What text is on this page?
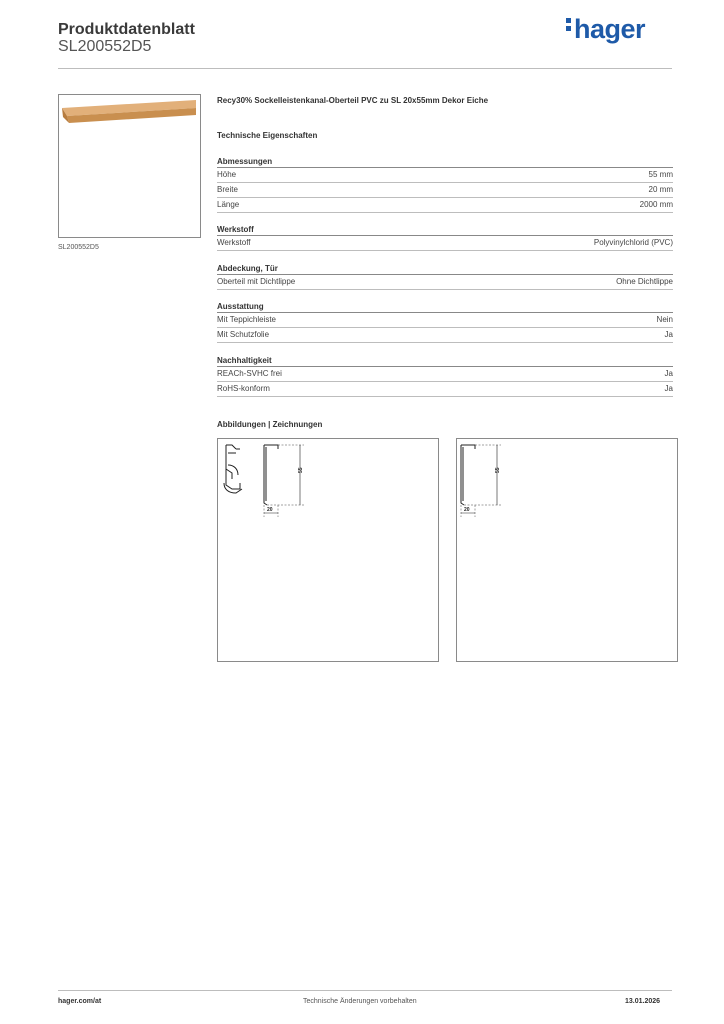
Produktdatenblatt
SL200552D5
hager
SL200552D5
Recy30% Sockelleistenkanal-Oberteil PVC zu SL 20x55mm Dekor Eiche
Technische Eigenschaften
Abmessungen
Höhe	55 mm
Breite	20 mm
Länge	2000 mm
Werkstoff
Werkstoff	Polyvinylchlorid (PVC)
Abdeckung, Tür
Oberteil mit Dichtlippe	Ohne Dichtlippe
Ausstattung
Mit Teppichleiste	Nein
Mit Schutzfolie	Ja
Nachhaltigkeit
REACh-SVHC frei	Ja
RoHS-konform	Ja
Abbildungen | Zeichnungen
55
20
55
20
hager.com/at	Technische Änderungen vorbehalten	13.01.2026
